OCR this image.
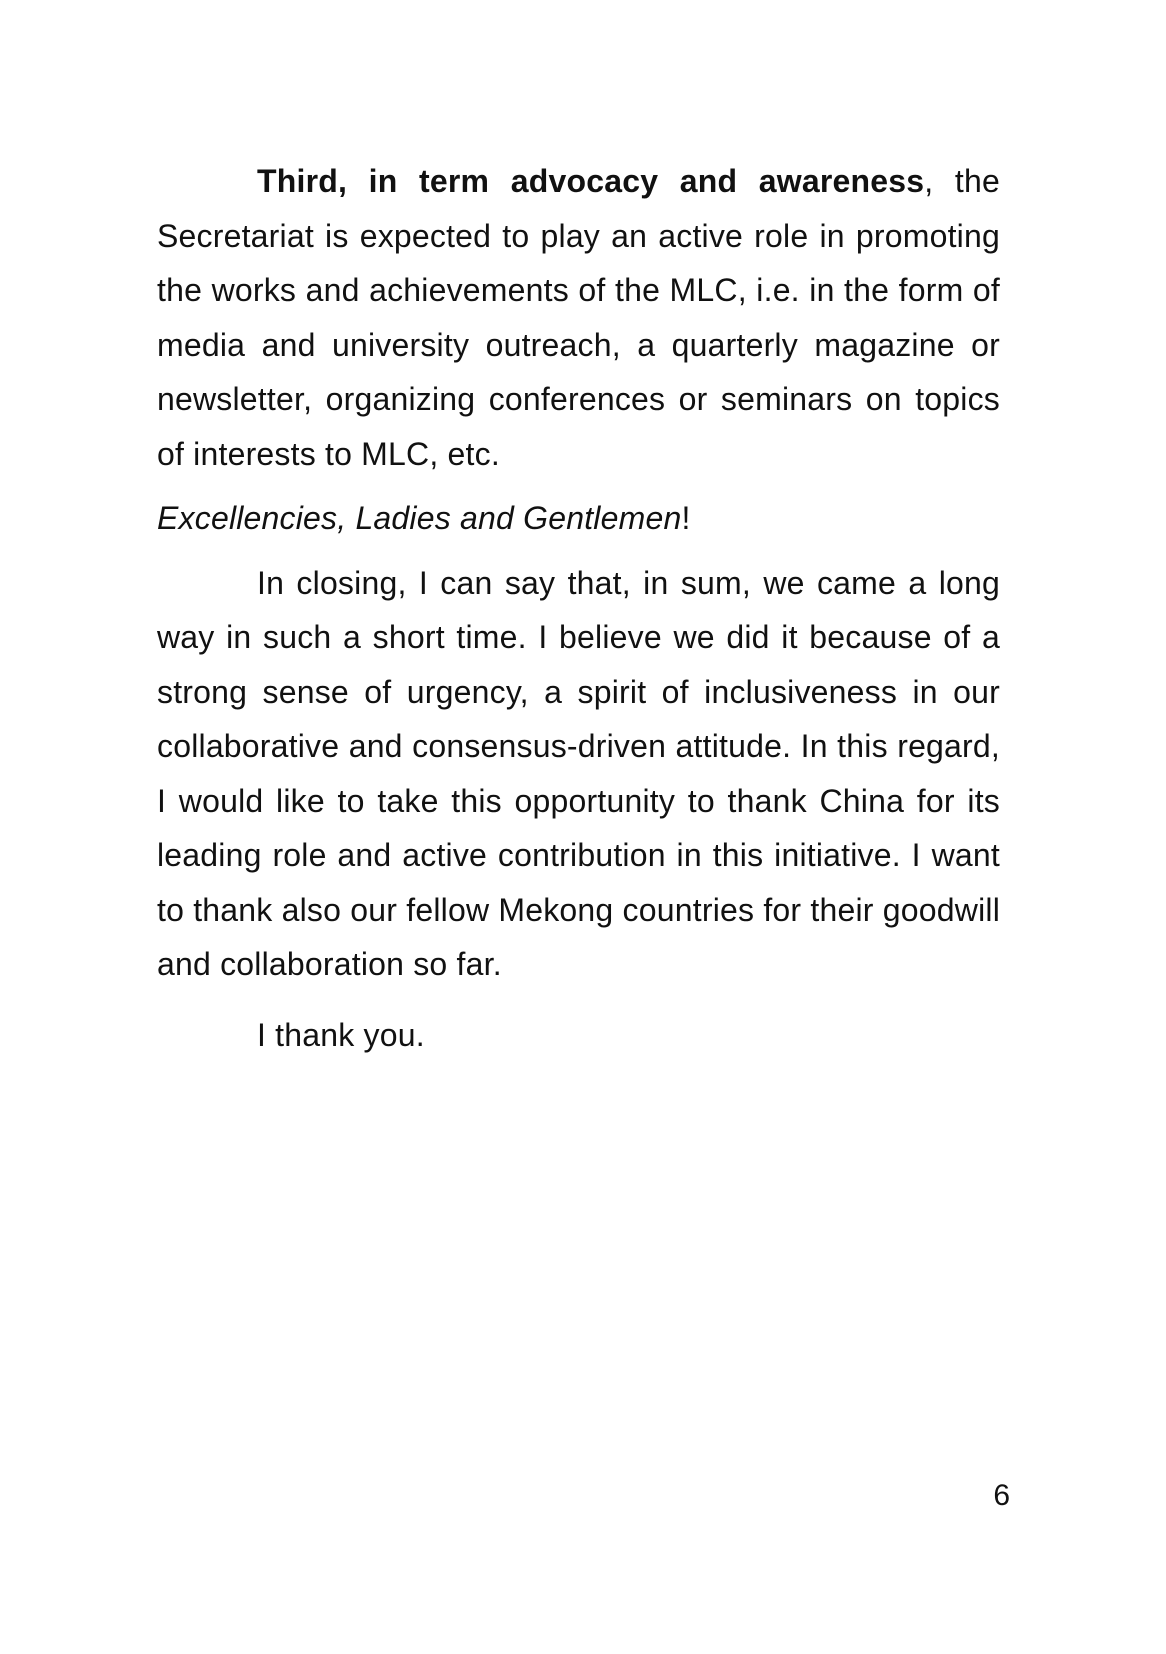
Third, in term advocacy and awareness, the Secretariat is expected to play an active role in promoting the works and achievements of the MLC, i.e. in the form of media and university outreach, a quarterly magazine or newsletter, organizing conferences or seminars on topics of interests to MLC, etc.

Excellencies, Ladies and Gentlemen!

In closing, I can say that, in sum, we came a long way in such a short time. I believe we did it because of a strong sense of urgency, a spirit of inclusiveness in our collaborative and consensus-driven attitude. In this regard, I would like to take this opportunity to thank China for its leading role and active contribution in this initiative. I want to thank also our fellow Mekong countries for their goodwill and collaboration so far.

I thank you.

6
